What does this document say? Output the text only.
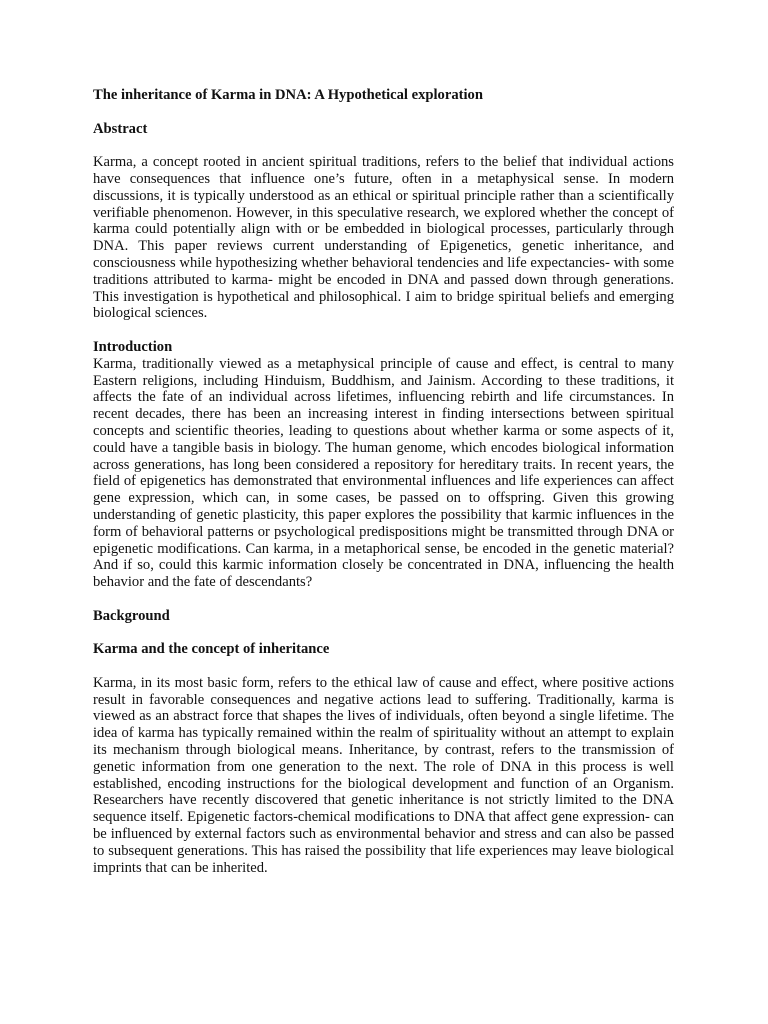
The inheritance of Karma in DNA: A Hypothetical exploration

Abstract

Karma, a concept rooted in ancient spiritual traditions, refers to the belief that individual actions have consequences that influence one’s future, often in a metaphysical sense. In modern discussions, it is typically understood as an ethical or spiritual principle rather than a scientifically verifiable phenomenon. However, in this speculative research, we explored whether the concept of karma could potentially align with or be embedded in biological processes, particularly through DNA. This paper reviews current understanding of Epigenetics, genetic inheritance, and consciousness while hypothesizing whether behavioral tendencies and life expectancies- with some traditions attributed to karma- might be encoded in DNA and passed down through generations. This investigation is hypothetical and philosophical. I aim to bridge spiritual beliefs and emerging biological sciences.

Introduction

Karma, traditionally viewed as a metaphysical principle of cause and effect, is central to many Eastern religions, including Hinduism, Buddhism, and Jainism. According to these traditions, it affects the fate of an individual across lifetimes, influencing rebirth and life circumstances. In recent decades, there has been an increasing interest in finding intersections between spiritual concepts and scientific theories, leading to questions about whether karma or some aspects of it, could have a tangible basis in biology. The human genome, which encodes biological information across generations, has long been considered a repository for hereditary traits. In recent years, the field of epigenetics has demonstrated that environmental influences and life experiences can affect gene expression, which can, in some cases, be passed on to offspring. Given this growing understanding of genetic plasticity, this paper explores the possibility that karmic influences in the form of behavioral patterns or psychological predispositions might be transmitted through DNA or epigenetic modifications. Can karma, in a metaphorical sense, be encoded in the genetic material? And if so, could this karmic information closely be concentrated in DNA, influencing the health behavior and the fate of descendants?

Background

Karma and the concept of inheritance

Karma, in its most basic form, refers to the ethical law of cause and effect, where positive actions result in favorable consequences and negative actions lead to suffering. Traditionally, karma is viewed as an abstract force that shapes the lives of individuals, often beyond a single lifetime. The idea of karma has typically remained within the realm of spirituality without an attempt to explain its mechanism through biological means. Inheritance, by contrast, refers to the transmission of genetic information from one generation to the next. The role of DNA in this process is well established, encoding instructions for the biological development and function of an Organism. Researchers have recently discovered that genetic inheritance is not strictly limited to the DNA sequence itself. Epigenetic factors-chemical modifications to DNA that affect gene expression- can be influenced by external factors such as environmental behavior and stress and can also be passed to subsequent generations. This has raised the possibility that life experiences may leave biological imprints that can be inherited.
